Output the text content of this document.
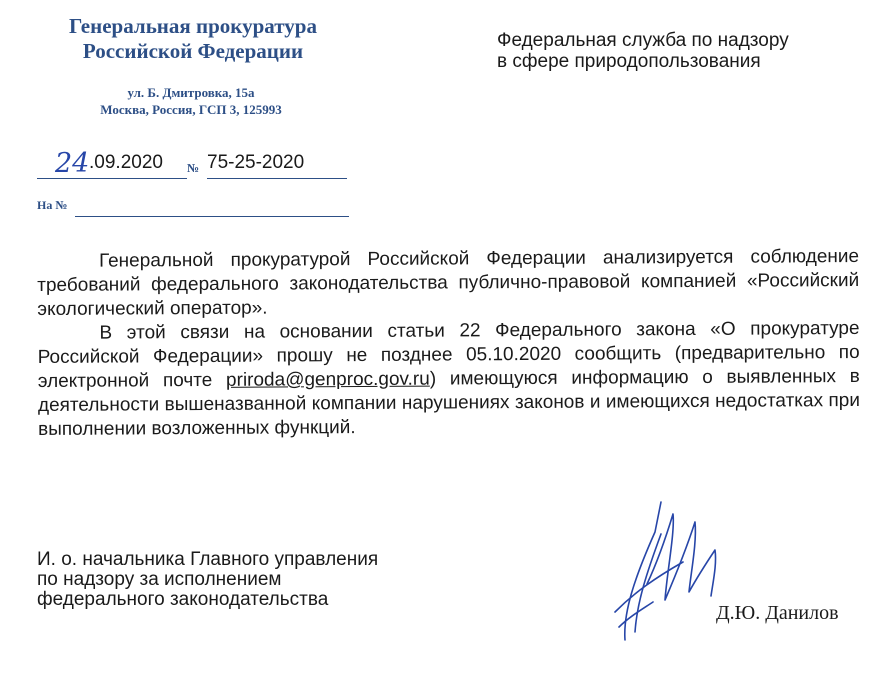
Генеральная прокуратура
Российской Федерации
ул. Б. Дмитровка, 15а
Москва, Россия, ГСП 3, 125993
Федеральная служба по надзору
в сфере природопользования
24 .09.2020 № 75-25-2020
На №

Генеральной прокуратурой Российской Федерации анализируется соблюдение требований федерального законодательства публично-правовой компанией «Российский экологический оператор».

В этой связи на основании статьи 22 Федерального закона «О прокуратуре Российской Федерации» прошу не позднее 05.10.2020 сообщить (предварительно по электронной почте priroda@genproc.gov.ru) имеющуюся информацию о выявленных в деятельности вышеназванной компании нарушениях законов и имеющихся недостатках при выполнении возложенных функций.

И. о. начальника Главного управления
по надзору за исполнением
федерального законодательства
Д.Ю. Данилов
